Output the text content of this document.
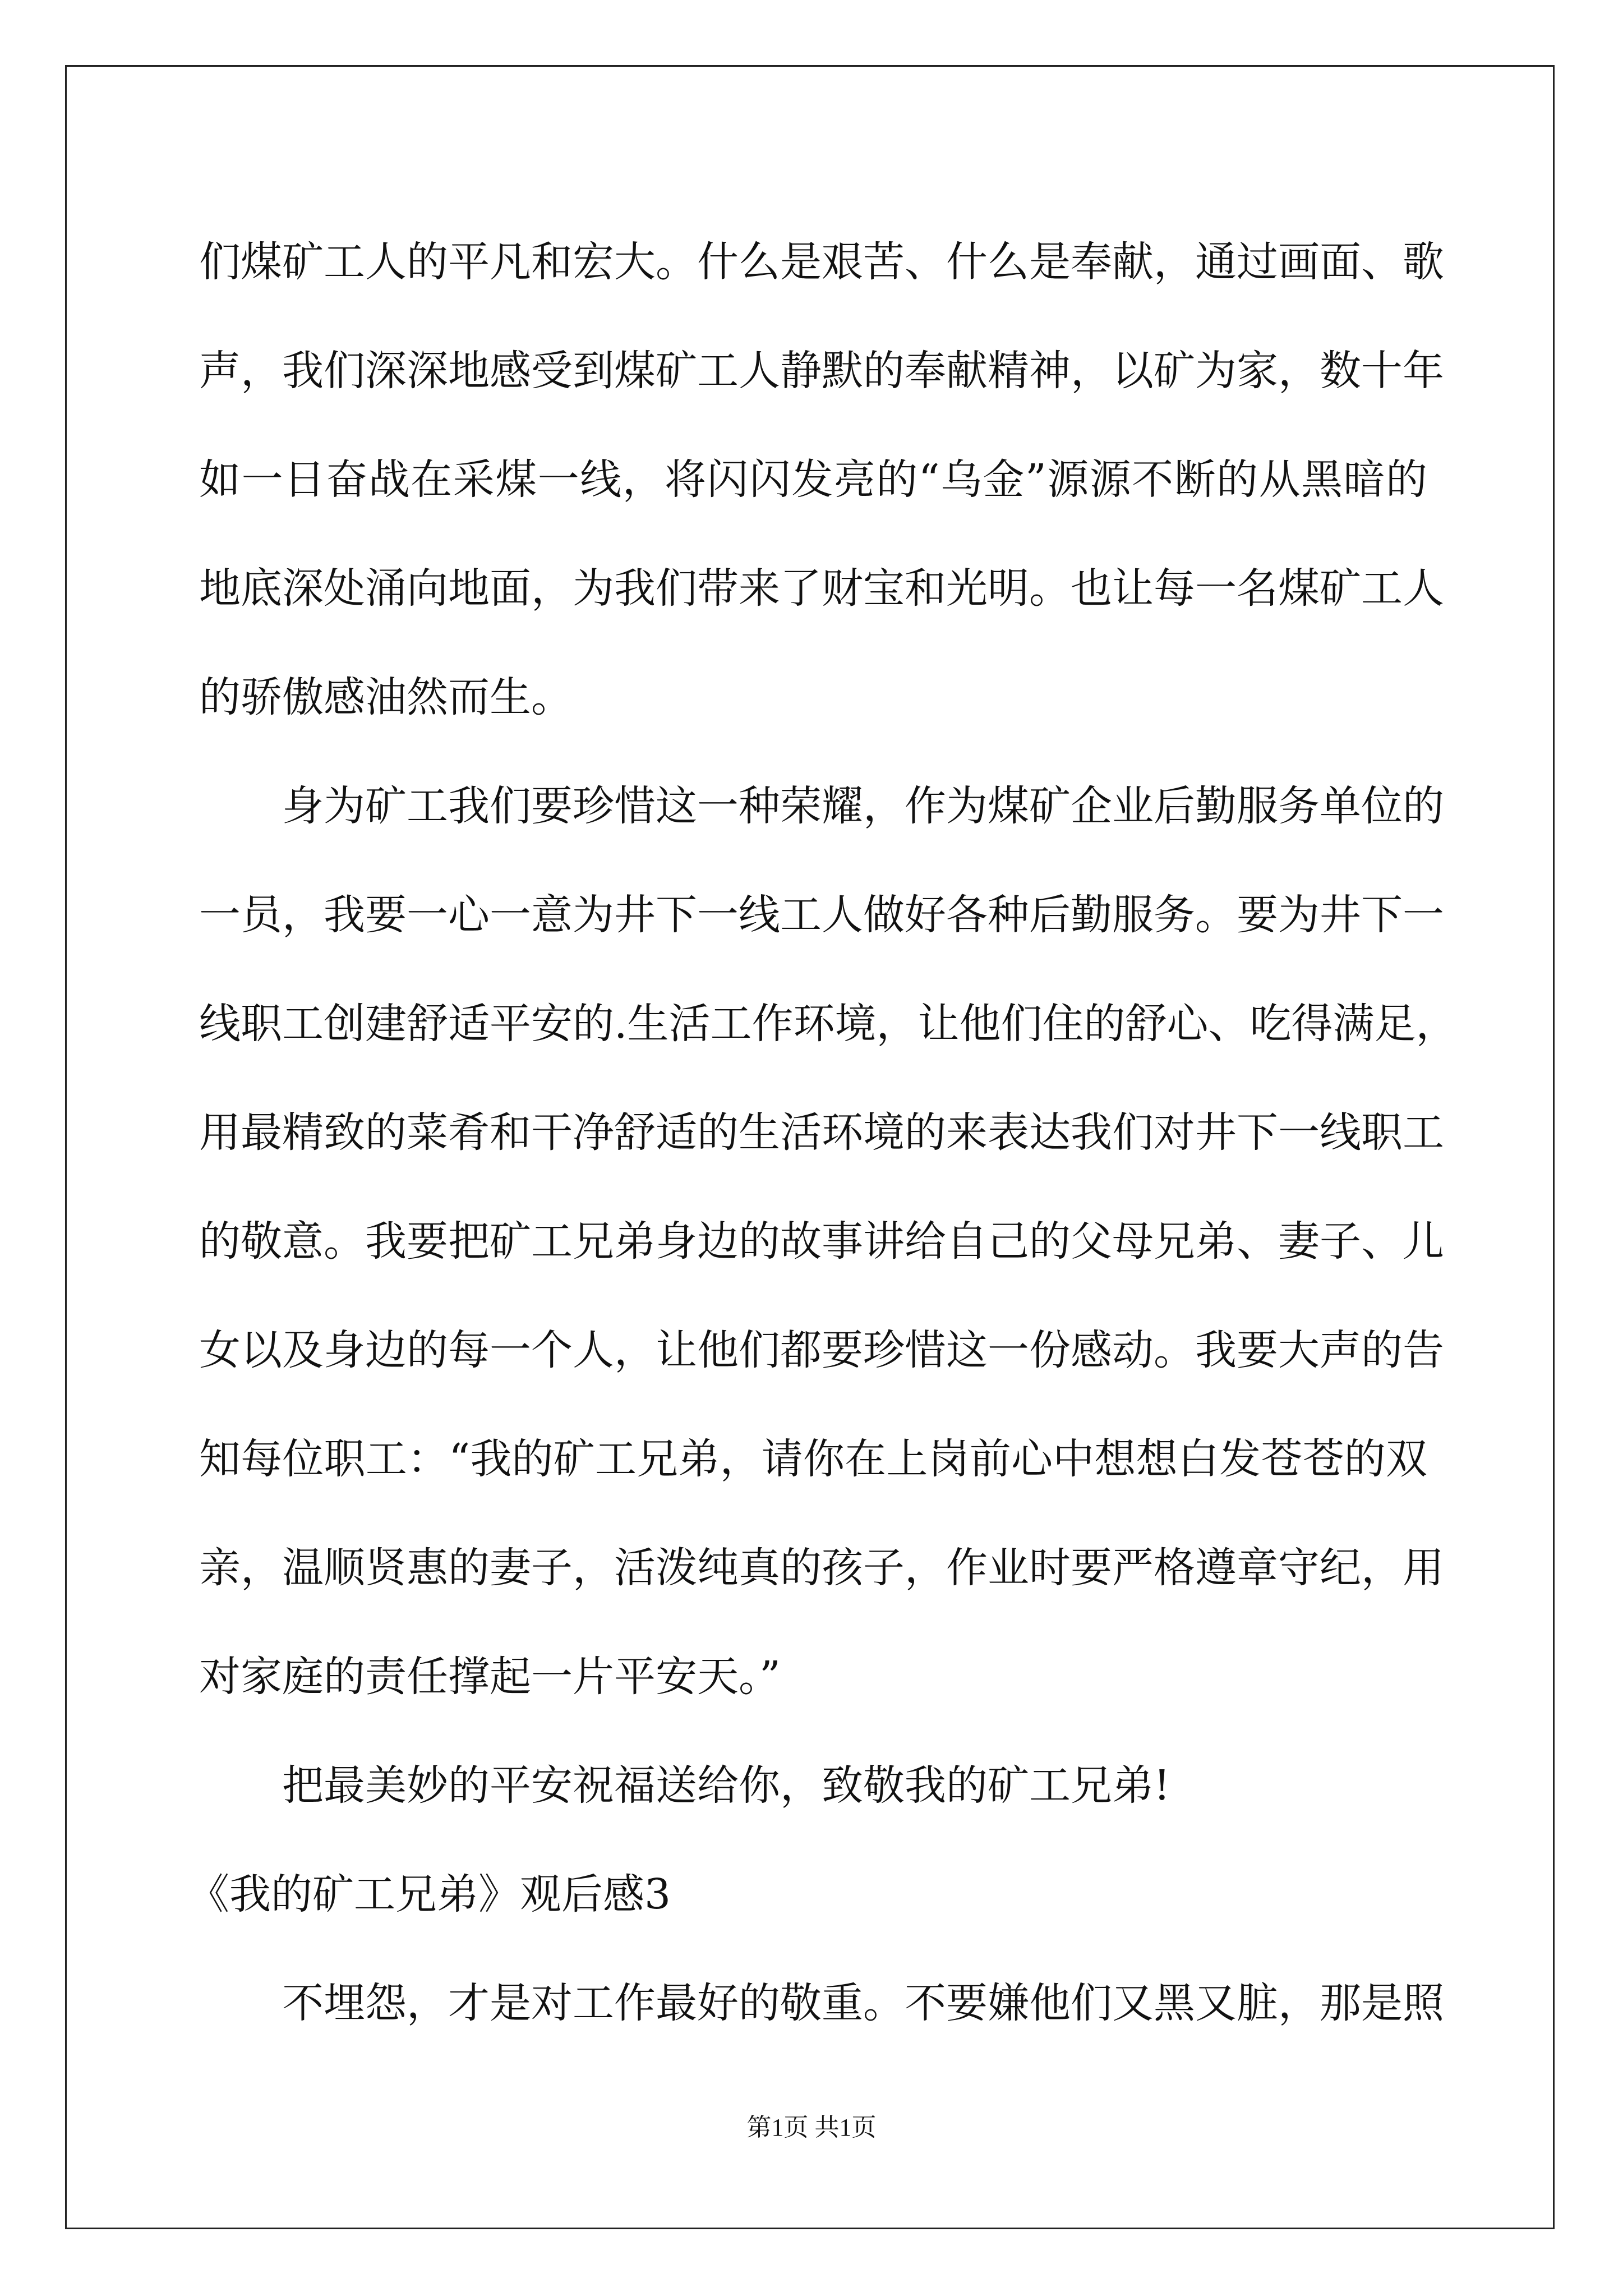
们煤矿工人的平凡和宏大。什么是艰苦、什么是奉献，通过画面、歌
声，我们深深地感受到煤矿工人静默的奉献精神，以矿为家，数十年
如一日奋战在采煤一线，将闪闪发亮的“乌金”源源不断的从黑暗的
地底深处涌向地面，为我们带来了财宝和光明。也让每一名煤矿工人
的骄傲感油然而生。
身为矿工我们要珍惜这一种荣耀，作为煤矿企业后勤服务单位的
一员，我要一心一意为井下一线工人做好各种后勤服务。要为井下一
线职工创建舒适平安的.生活工作环境，让他们住的舒心、吃得满足，
用最精致的菜肴和干净舒适的生活环境的来表达我们对井下一线职工
的敬意。我要把矿工兄弟身边的故事讲给自己的父母兄弟、妻子、儿
女以及身边的每一个人，让他们都要珍惜这一份感动。我要大声的告
知每位职工：“我的矿工兄弟，请你在上岗前心中想想白发苍苍的双
亲，温顺贤惠的妻子，活泼纯真的孩子，作业时要严格遵章守纪，用
对家庭的责任撑起一片平安天。”
把最美妙的平安祝福送给你，致敬我的矿工兄弟!
《我的矿工兄弟》观后感3
不埋怨，才是对工作最好的敬重。不要嫌他们又黑又脏，那是照
第1页 共1页
